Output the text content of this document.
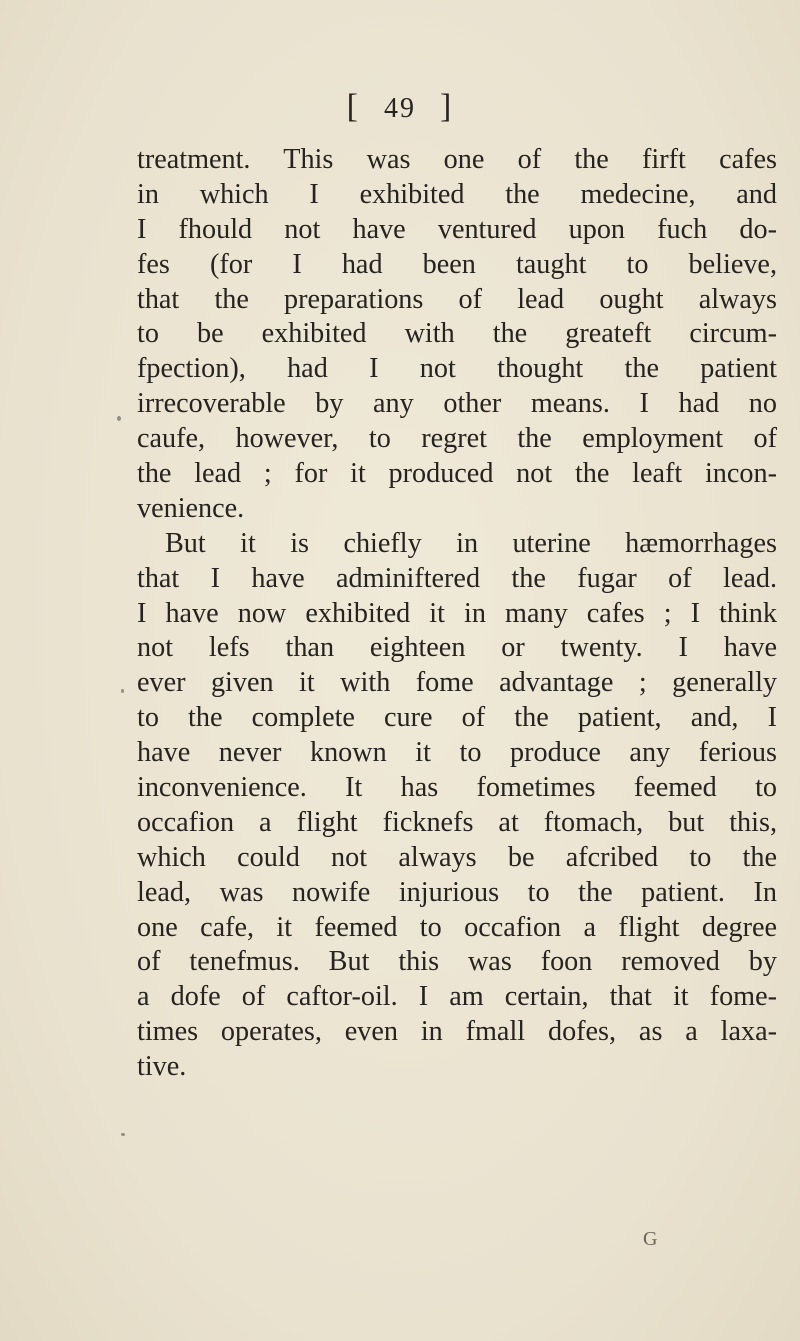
[ 49 ]
treatment. This was one of the firft cafes
in which I exhibited the medecine, and
I fhould not have ventured upon fuch do-
fes (for I had been taught to believe,
that the preparations of lead ought always
to be exhibited with the greateft circum-
fpection), had I not thought the patient
irrecoverable by any other means. I had no
caufe, however, to regret the employment of
the lead ; for it produced not the leaft incon-
venience.
But it is chiefly in uterine hæmorrhages
that I have adminiftered the fugar of lead.
I have now exhibited it in many cafes ; I think
not lefs than eighteen or twenty. I have
ever given it with fome advantage ; generally
to the complete cure of the patient, and, I
have never known it to produce any ferious
inconvenience. It has fometimes feemed to
occafion a flight ficknefs at ftomach, but this,
which could not always be afcribed to the
lead, was nowife injurious to the patient. In
one cafe, it feemed to occafion a flight degree
of tenefmus. But this was foon removed by
a dofe of caftor-oil. I am certain, that it fome-
times operates, even in fmall dofes, as a laxa-
tive.
G
